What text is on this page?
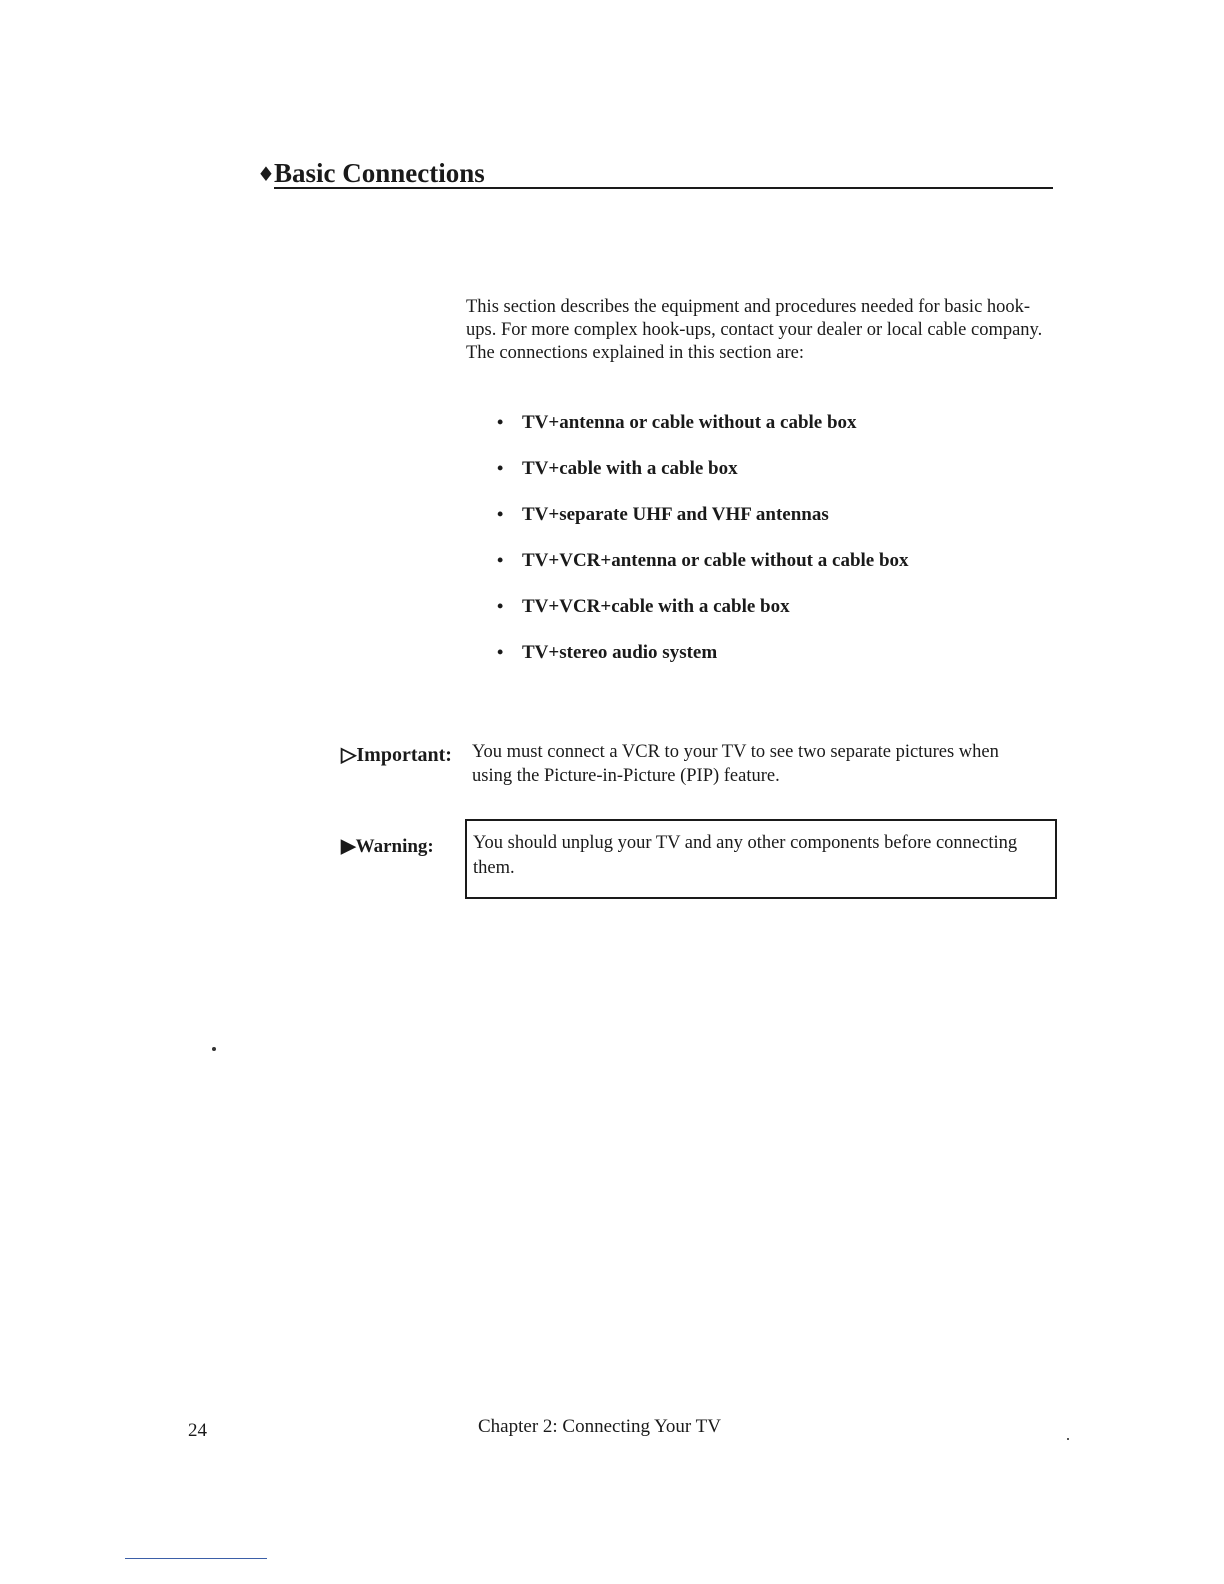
♦ Basic Connections

This section describes the equipment and procedures needed for basic hook-ups. For more complex hook-ups, contact your dealer or local cable company. The connections explained in this section are:

• TV+antenna or cable without a cable box
• TV+cable with a cable box
• TV+separate UHF and VHF antennas
• TV+VCR+antenna or cable without a cable box
• TV+VCR+cable with a cable box
• TV+stereo audio system
▷Important: You must connect a VCR to your TV to see two separate pictures when using the Picture-in-Picture (PIP) feature.
▶Warning: You should unplug your TV and any other components before connecting them.
24	Chapter 2: Connecting Your TV
